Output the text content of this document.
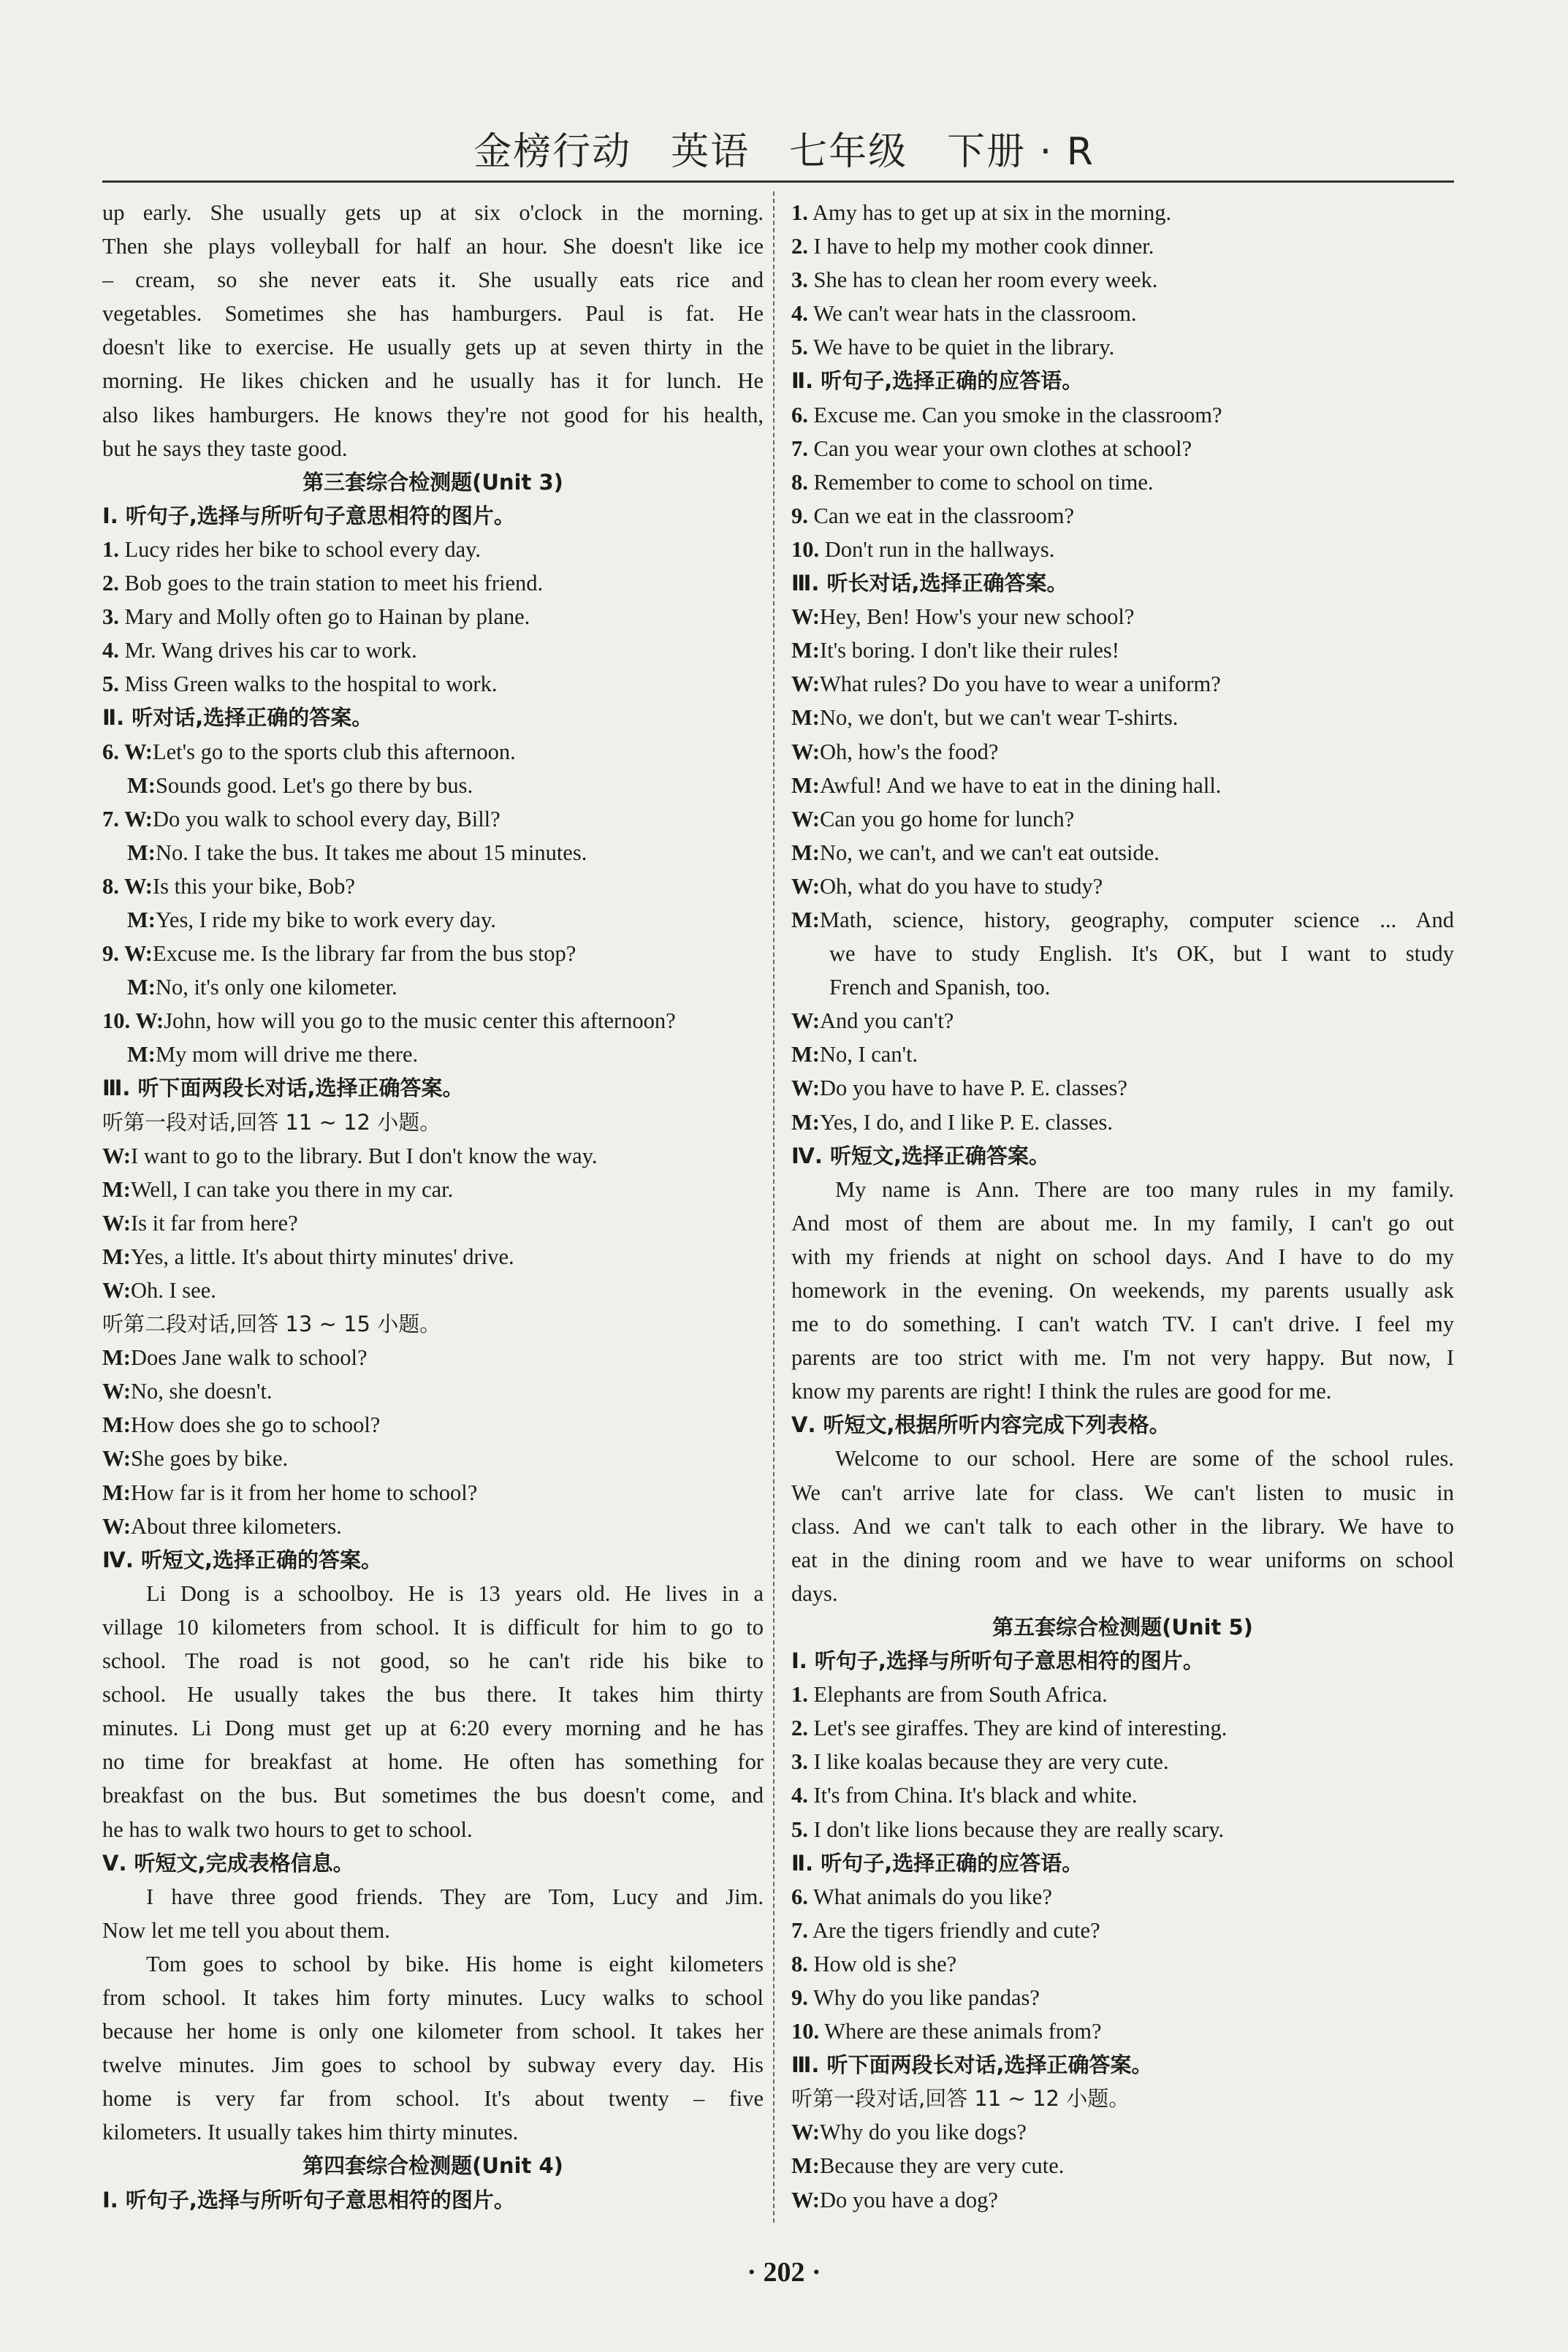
金榜行动　英语　七年级　下册 · R
up early. She usually gets up at six o'clock in the morning.
Then she plays volleyball for half an hour. She doesn't like ice
– cream, so she never eats it. She usually eats rice and
vegetables. Sometimes she has hamburgers. Paul is fat. He
doesn't like to exercise. He usually gets up at seven thirty in the
morning. He likes chicken and he usually has it for lunch. He
also likes hamburgers. He knows they're not good for his health,
but he says they taste good.
第三套综合检测题(Unit 3)
Ⅰ. 听句子,选择与所听句子意思相符的图片。
1. Lucy rides her bike to school every day.
2. Bob goes to the train station to meet his friend.
3. Mary and Molly often go to Hainan by plane.
4. Mr. Wang drives his car to work.
5. Miss Green walks to the hospital to work.
Ⅱ. 听对话,选择正确的答案。
6. W:Let's go to the sports club this afternoon.
M:Sounds good. Let's go there by bus.
7. W:Do you walk to school every day, Bill?
M:No. I take the bus. It takes me about 15 minutes.
8. W:Is this your bike, Bob?
M:Yes, I ride my bike to work every day.
9. W:Excuse me. Is the library far from the bus stop?
M:No, it's only one kilometer.
10. W:John, how will you go to the music center this afternoon?
M:My mom will drive me there.
Ⅲ. 听下面两段长对话,选择正确答案。
听第一段对话,回答 11 ~ 12 小题。
W:I want to go to the library. But I don't know the way.
M:Well, I can take you there in my car.
W:Is it far from here?
M:Yes, a little. It's about thirty minutes' drive.
W:Oh. I see.
听第二段对话,回答 13 ~ 15 小题。
M:Does Jane walk to school?
W:No, she doesn't.
M:How does she go to school?
W:She goes by bike.
M:How far is it from her home to school?
W:About three kilometers.
Ⅳ. 听短文,选择正确的答案。
Li Dong is a schoolboy. He is 13 years old. He lives in a
village 10 kilometers from school. It is difficult for him to go to
school. The road is not good, so he can't ride his bike to
school. He usually takes the bus there. It takes him thirty
minutes. Li Dong must get up at 6:20 every morning and he has
no time for breakfast at home. He often has something for
breakfast on the bus. But sometimes the bus doesn't come, and
he has to walk two hours to get to school.
Ⅴ. 听短文,完成表格信息。
I have three good friends. They are Tom, Lucy and Jim.
Now let me tell you about them.
Tom goes to school by bike. His home is eight kilometers
from school. It takes him forty minutes. Lucy walks to school
because her home is only one kilometer from school. It takes her
twelve minutes. Jim goes to school by subway every day. His
home is very far from school. It's about twenty – five
kilometers. It usually takes him thirty minutes.
第四套综合检测题(Unit 4)
Ⅰ. 听句子,选择与所听句子意思相符的图片。
1. Amy has to get up at six in the morning.
2. I have to help my mother cook dinner.
3. She has to clean her room every week.
4. We can't wear hats in the classroom.
5. We have to be quiet in the library.
Ⅱ. 听句子,选择正确的应答语。
6. Excuse me. Can you smoke in the classroom?
7. Can you wear your own clothes at school?
8. Remember to come to school on time.
9. Can we eat in the classroom?
10. Don't run in the hallways.
Ⅲ. 听长对话,选择正确答案。
W:Hey, Ben! How's your new school?
M:It's boring. I don't like their rules!
W:What rules? Do you have to wear a uniform?
M:No, we don't, but we can't wear T-shirts.
W:Oh, how's the food?
M:Awful! And we have to eat in the dining hall.
W:Can you go home for lunch?
M:No, we can't, and we can't eat outside.
W:Oh, what do you have to study?
M:Math, science, history, geography, computer science ... And
we have to study English. It's OK, but I want to study
French and Spanish, too.
W:And you can't?
M:No, I can't.
W:Do you have to have P. E. classes?
M:Yes, I do, and I like P. E. classes.
Ⅳ. 听短文,选择正确答案。
My name is Ann. There are too many rules in my family.
And most of them are about me. In my family, I can't go out
with my friends at night on school days. And I have to do my
homework in the evening. On weekends, my parents usually ask
me to do something. I can't watch TV. I can't drive. I feel my
parents are too strict with me. I'm not very happy. But now, I
know my parents are right! I think the rules are good for me.
Ⅴ. 听短文,根据所听内容完成下列表格。
Welcome to our school. Here are some of the school rules.
We can't arrive late for class. We can't listen to music in
class. And we can't talk to each other in the library. We have to
eat in the dining room and we have to wear uniforms on school
days.
第五套综合检测题(Unit 5)
Ⅰ. 听句子,选择与所听句子意思相符的图片。
1. Elephants are from South Africa.
2. Let's see giraffes. They are kind of interesting.
3. I like koalas because they are very cute.
4. It's from China. It's black and white.
5. I don't like lions because they are really scary.
Ⅱ. 听句子,选择正确的应答语。
6. What animals do you like?
7. Are the tigers friendly and cute?
8. How old is she?
9. Why do you like pandas?
10. Where are these animals from?
Ⅲ. 听下面两段长对话,选择正确答案。
听第一段对话,回答 11 ~ 12 小题。
W:Why do you like dogs?
M:Because they are very cute.
W:Do you have a dog?
· 202 ·
